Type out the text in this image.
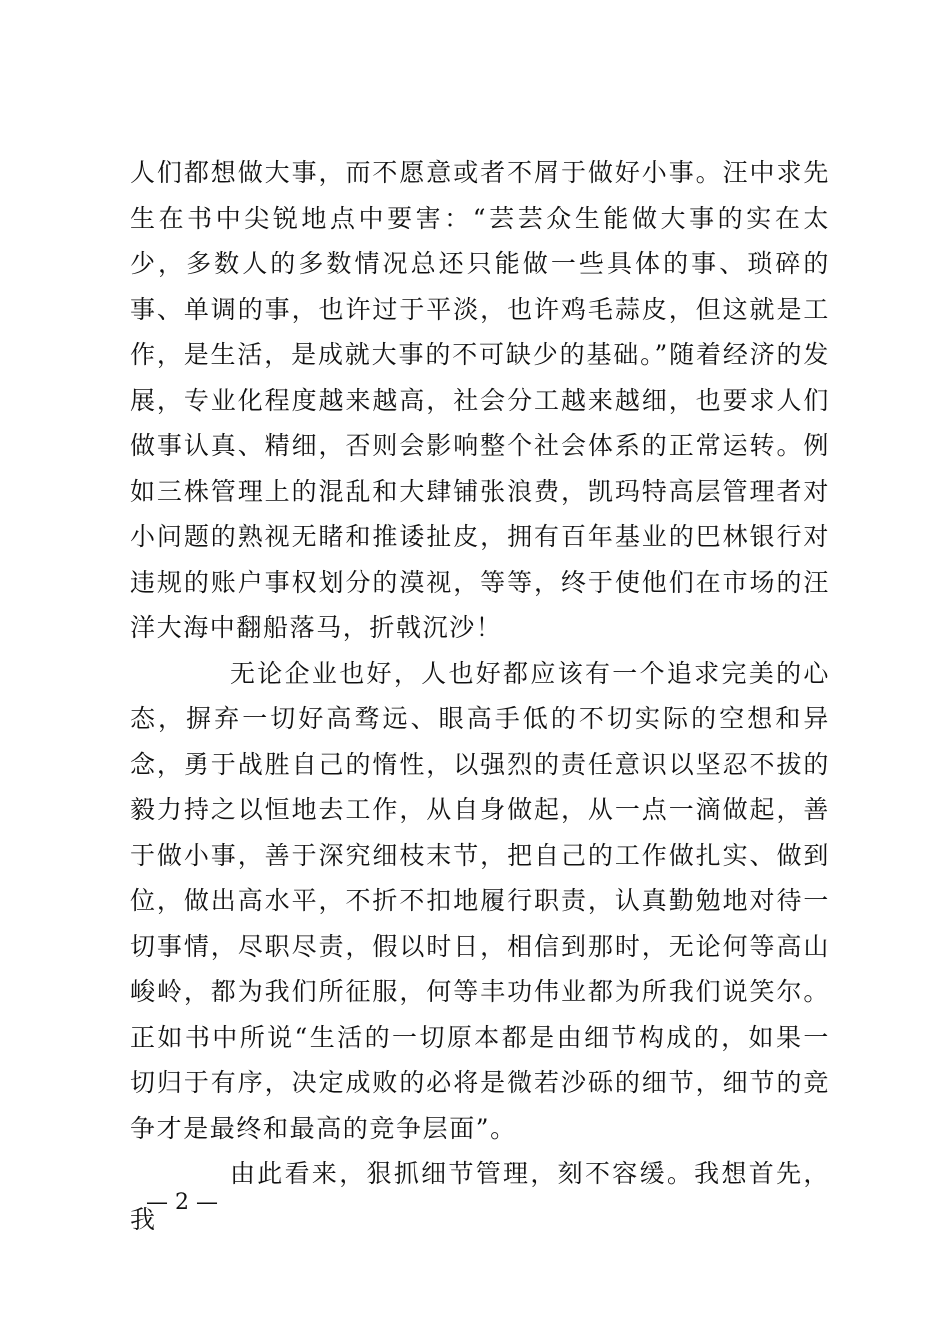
人们都想做大事，而不愿意或者不屑于做好小事。汪中求先生在书中尖锐地点中要害：“芸芸众生能做大事的实在太少，多数人的多数情况总还只能做一些具体的事、琐碎的事、单调的事，也许过于平淡，也许鸡毛蒜皮，但这就是工作，是生活，是成就大事的不可缺少的基础。”随着经济的发展，专业化程度越来越高，社会分工越来越细，也要求人们做事认真、精细，否则会影响整个社会体系的正常运转。例如三株管理上的混乱和大肆铺张浪费，凯玛特高层管理者对小问题的熟视无睹和推诿扯皮，拥有百年基业的巴林银行对违规的账户事权划分的漠视，等等，终于使他们在市场的汪洋大海中翻船落马，折戟沉沙！

无论企业也好，人也好都应该有一个追求完美的心态，摒弃一切好高骛远、眼高手低的不切实际的空想和异念，勇于战胜自己的惰性，以强烈的责任意识以坚忍不拔的毅力持之以恒地去工作，从自身做起，从一点一滴做起，善于做小事，善于深究细枝末节，把自己的工作做扎实、做到位，做出高水平，不折不扣地履行职责，认真勤勉地对待一切事情，尽职尽责，假以时日，相信到那时，无论何等高山峻岭，都为我们所征服，何等丰功伟业都为所我们说笑尔。正如书中所说“生活的一切原本都是由细节构成的，如果一切归于有序，决定成败的必将是微若沙砾的细节，细节的竞争才是最终和最高的竞争层面”。

由此看来，狠抓细节管理，刻不容缓。我想首先，我

— 2 —
